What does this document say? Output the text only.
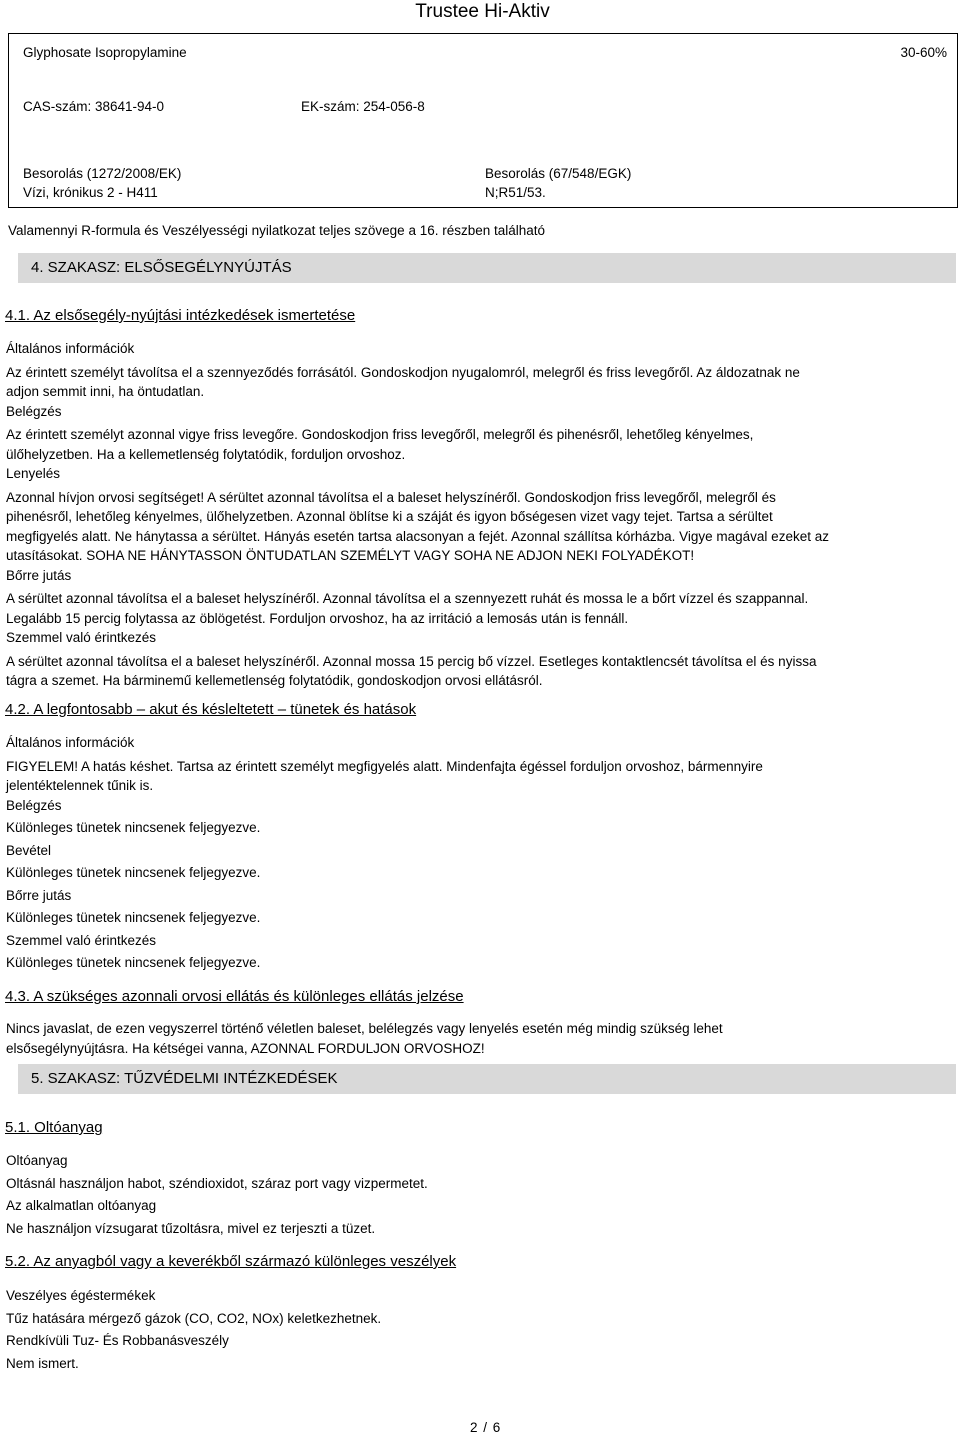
Trustee Hi-Aktiv
Glyphosate Isopropylamine	30-60%
CAS-szám: 38641-94-0	EK-szám: 254-056-8
Besorolás (1272/2008/EK)
Vízi, krónikus 2 - H411
Besorolás (67/548/EGK)
N;R51/53.
Valamennyi R-formula és Veszélyességi nyilatkozat teljes szövege a 16. részben található
4. SZAKASZ: ELSŐSEGÉLYNYÚJTÁS
4.1. Az elsősegély-nyújtási intézkedések ismertetése

Általános információk

Az érintett személyt távolítsa el a szennyeződés forrásától. Gondoskodjon nyugalomról, melegről és friss levegőről. Az áldozatnak ne

adjon semmit inni, ha öntudatlan.

Belégzés

Az érintett személyt azonnal vigye friss levegőre. Gondoskodjon friss levegőről, melegről és pihenésről, lehetőleg kényelmes,

ülőhelyzetben. Ha a kellemetlenség folytatódik, forduljon orvoshoz.

Lenyelés

Azonnal hívjon orvosi segítséget! A sérültet azonnal távolítsa el a baleset helyszínéről. Gondoskodjon friss levegőről, melegről és

pihenésről, lehetőleg kényelmes, ülőhelyzetben. Azonnal öblítse ki a száját és igyon bőségesen vizet vagy tejet. Tartsa a sérültet

megfigyelés alatt. Ne hánytassa a sérültet. Hányás esetén tartsa alacsonyan a fejét. Azonnal szállítsa kórházba. Vigye magával ezeket az

utasításokat. SOHA NE HÁNYTASSON ÖNTUDATLAN SZEMÉLYT VAGY SOHA NE ADJON NEKI FOLYADÉKOT!

Bőrre jutás

A sérültet azonnal távolítsa el a baleset helyszínéről. Azonnal távolítsa el a szennyezett ruhát és mossa le a bőrt vízzel és szappannal.

Legalább 15 percig folytassa az öblögetést. Forduljon orvoshoz, ha az irritáció a lemosás után is fennáll.

Szemmel való érintkezés

A sérültet azonnal távolítsa el a baleset helyszínéről. Azonnal mossa 15 percig bő vízzel. Esetleges kontaktlencsét távolítsa el és nyissa

tágra a szemet. Ha bárminemű kellemetlenség folytatódik, gondoskodjon orvosi ellátásról.

4.2. A legfontosabb – akut és késleltetett – tünetek és hatások

Általános információk

FIGYELEM! A hatás késhet. Tartsa az érintett személyt megfigyelés alatt. Mindenfajta égéssel forduljon orvoshoz, bármennyire

jelentéktelennek tűnik is.

Belégzés

Különleges tünetek nincsenek feljegyezve.

Bevétel

Különleges tünetek nincsenek feljegyezve.

Bőrre jutás

Különleges tünetek nincsenek feljegyezve.

Szemmel való érintkezés

Különleges tünetek nincsenek feljegyezve.

4.3. A szükséges azonnali orvosi ellátás és különleges ellátás jelzése

Nincs javaslat, de ezen vegyszerrel történő véletlen baleset, belélegzés vagy lenyelés esetén még mindig szükség lehet

elsősegélynyújtásra. Ha kétségei vanna, AZONNAL FORDULJON ORVOSHOZ!

5. SZAKASZ: TŰZVÉDELMI INTÉZKEDÉSEK
5.1. Oltóanyag

Oltóanyag

Oltásnál használjon habot, széndioxidot, száraz port vagy vizpermetet.

Az alkalmatlan oltóanyag

Ne használjon vízsugarat tűzoltásra, mivel ez terjeszti a tüzet.

5.2. Az anyagból vagy a keverékből származó különleges veszélyek

Veszélyes égéstermékek

Tűz hatására mérgező gázok (CO, CO2, NOx) keletkezhetnek.

Rendkívüli Tuz- És Robbanásveszély

Nem ismert.

2 / 6
